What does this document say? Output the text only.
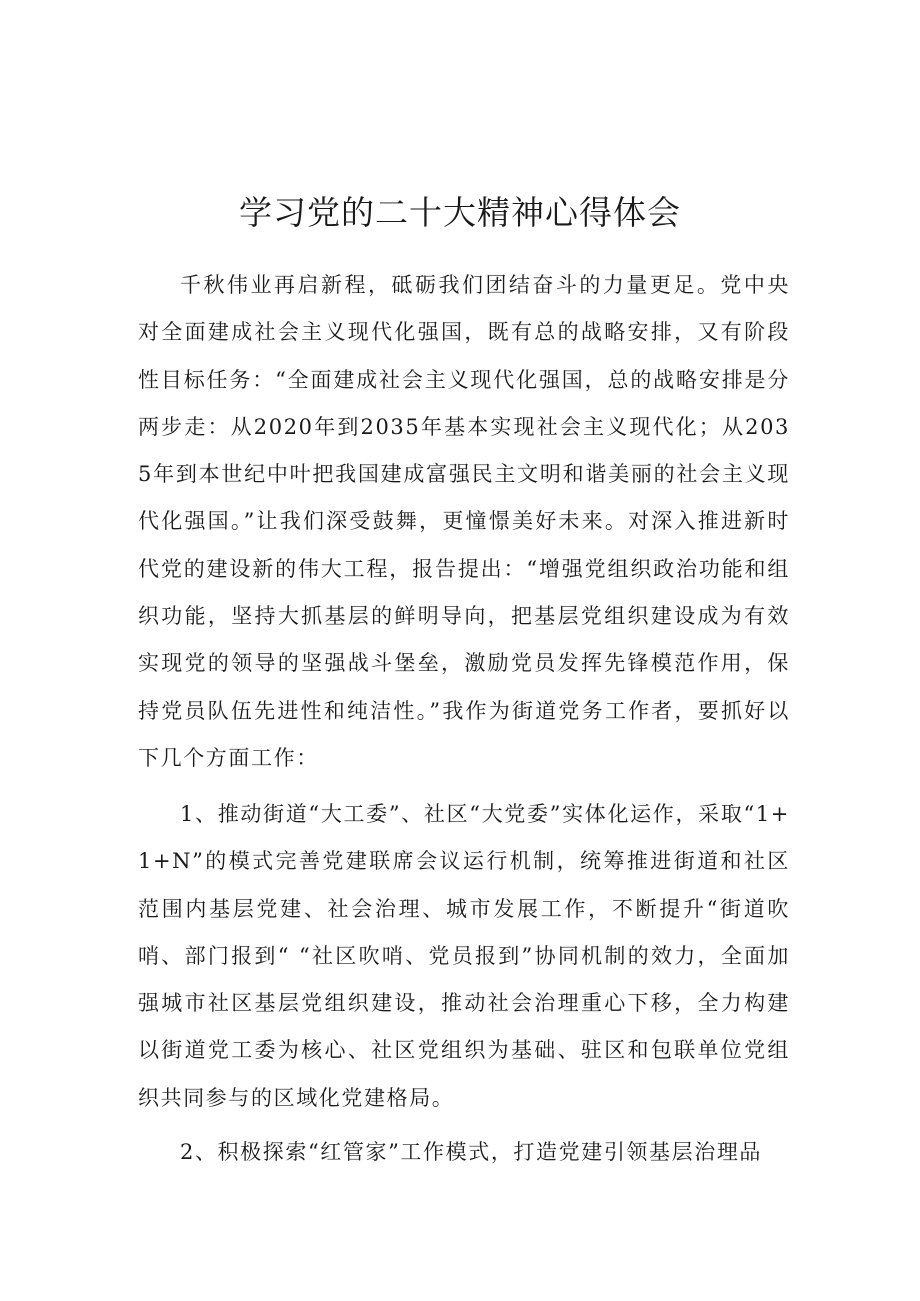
学习党的二十大精神心得体会

千秋伟业再启新程，砥砺我们团结奋斗的力量更足。党中央对全面建成社会主义现代化强国，既有总的战略安排，又有阶段性目标任务：“全面建成社会主义现代化强国，总的战略安排是分两步走：从2020年到2035年基本实现社会主义现代化；从2035年到本世纪中叶把我国建成富强民主文明和谐美丽的社会主义现代化强国。”让我们深受鼓舞，更憧憬美好未来。对深入推进新时代党的建设新的伟大工程，报告提出：“增强党组织政治功能和组织功能，坚持大抓基层的鲜明导向，把基层党组织建设成为有效实现党的领导的坚强战斗堡垒，激励党员发挥先锋模范作用，保持党员队伍先进性和纯洁性。”我作为街道党务工作者，要抓好以下几个方面工作：

1、推动街道“大工委”、社区“大党委”实体化运作，采取“1+1+N”的模式完善党建联席会议运行机制，统筹推进街道和社区范围内基层党建、社会治理、城市发展工作，不断提升“街道吹哨、部门报到“ “社区吹哨、党员报到”协同机制的效力，全面加强城市社区基层党组织建设，推动社会治理重心下移，全力构建以街道党工委为核心、社区党组织为基础、驻区和包联单位党组织共同参与的区域化党建格局。

2、积极探索“红管家”工作模式，打造党建引领基层治理品
